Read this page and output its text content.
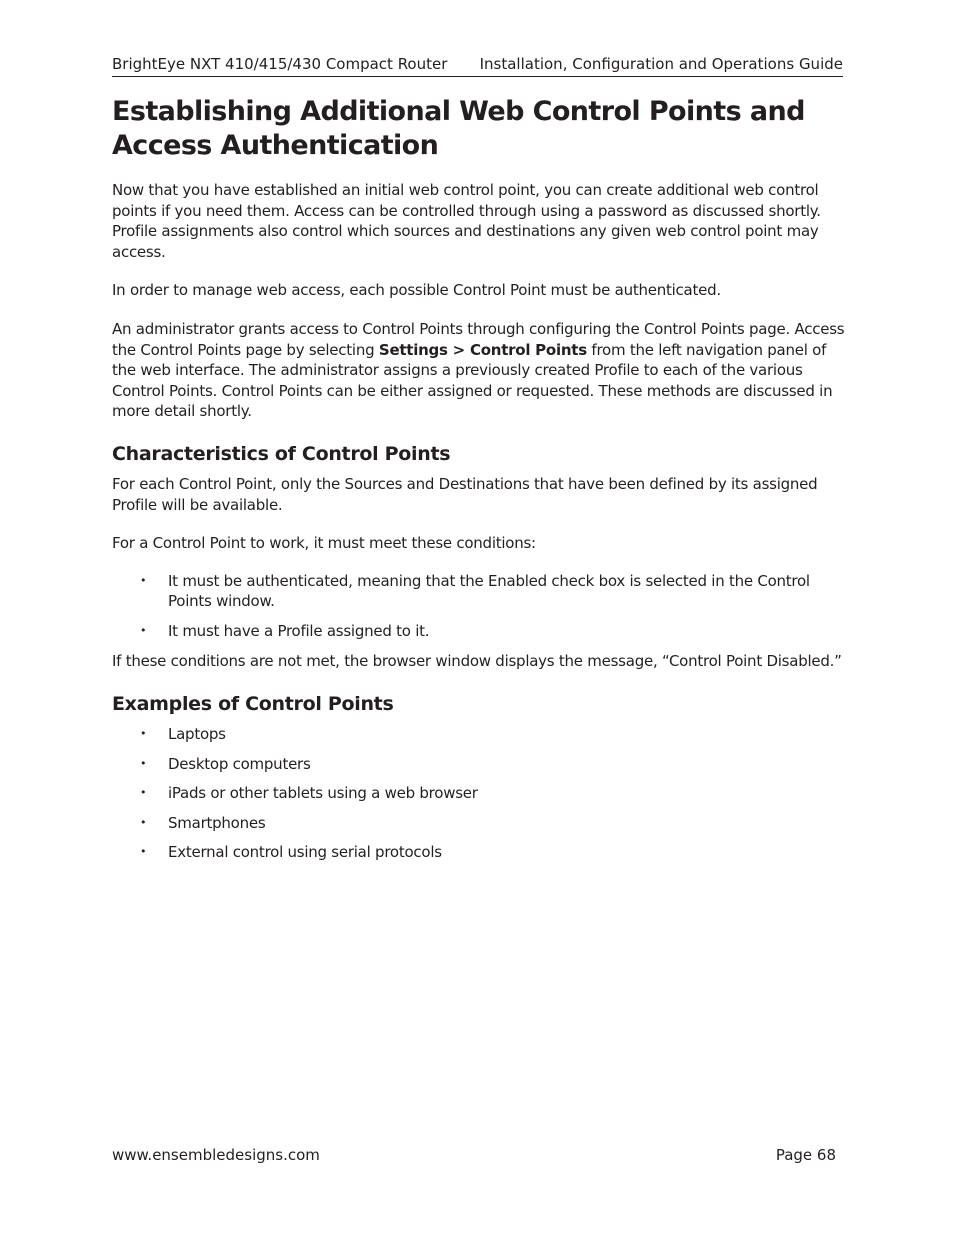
BrightEye NXT 410/415/430 Compact Router Installation, Configuration and Operations Guide
Establishing Additional Web Control Points and Access Authentication

Now that you have established an initial web control point, you can create additional web control points if you need them. Access can be controlled through using a password as discussed shortly. Profile assignments also control which sources and destinations any given web control point may access.

In order to manage web access, each possible Control Point must be authenticated.

An administrator grants access to Control Points through configuring the Control Points page. Access the Control Points page by selecting Settings > Control Points from the left navigation panel of the web interface. The administrator assigns a previously created Profile to each of the various Control Points. Control Points can be either assigned or requested. These methods are discussed in more detail shortly.

Characteristics of Control Points

For each Control Point, only the Sources and Destinations that have been defined by its assigned Profile will be available.

For a Control Point to work, it must meet these conditions:

• It must be authenticated, meaning that the Enabled check box is selected in the Control Points window.
• It must have a Profile assigned to it.

If these conditions are not met, the browser window displays the message, “Control Point Disabled.”

Examples of Control Points
• Laptops
• Desktop computers
• iPads or other tablets using a web browser
• Smartphones
• External control using serial protocols
www.ensembledesigns.com	Page 68
